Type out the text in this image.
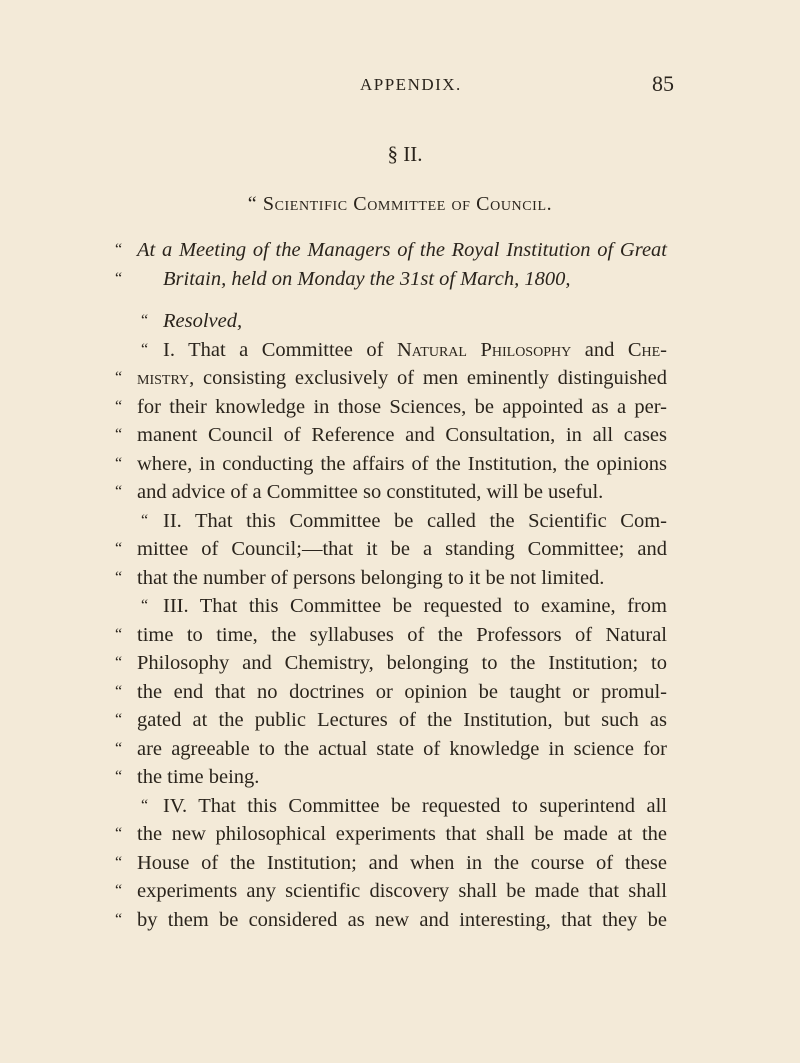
APPENDIX.	85
§ II.
“ Scientific Committee of Council.
“ At a Meeting of the Managers of the Royal Institution of Great
“ Britain, held on Monday the 31st of March, 1800,
“ Resolved,
“ I. That a Committee of Natural Philosophy and Che-
“ mistry, consisting exclusively of men eminently distinguished
“ for their knowledge in those Sciences, be appointed as a per-
“ manent Council of Reference and Consultation, in all cases
“ where, in conducting the affairs of the Institution, the opinions
“ and advice of a Committee so constituted, will be useful.
“ II. That this Committee be called the Scientific Com-
“ mittee of Council;—that it be a standing Committee; and
“ that the number of persons belonging to it be not limited.
“ III. That this Committee be requested to examine, from
“ time to time, the syllabuses of the Professors of Natural
“ Philosophy and Chemistry, belonging to the Institution; to
“ the end that no doctrines or opinion be taught or promul-
“ gated at the public Lectures of the Institution, but such as
“ are agreeable to the actual state of knowledge in science for
“ the time being.
“ IV. That this Committee be requested to superintend all
“ the new philosophical experiments that shall be made at the
“ House of the Institution; and when in the course of these
“ experiments any scientific discovery shall be made that shall
“ by them be considered as new and interesting, that they be
